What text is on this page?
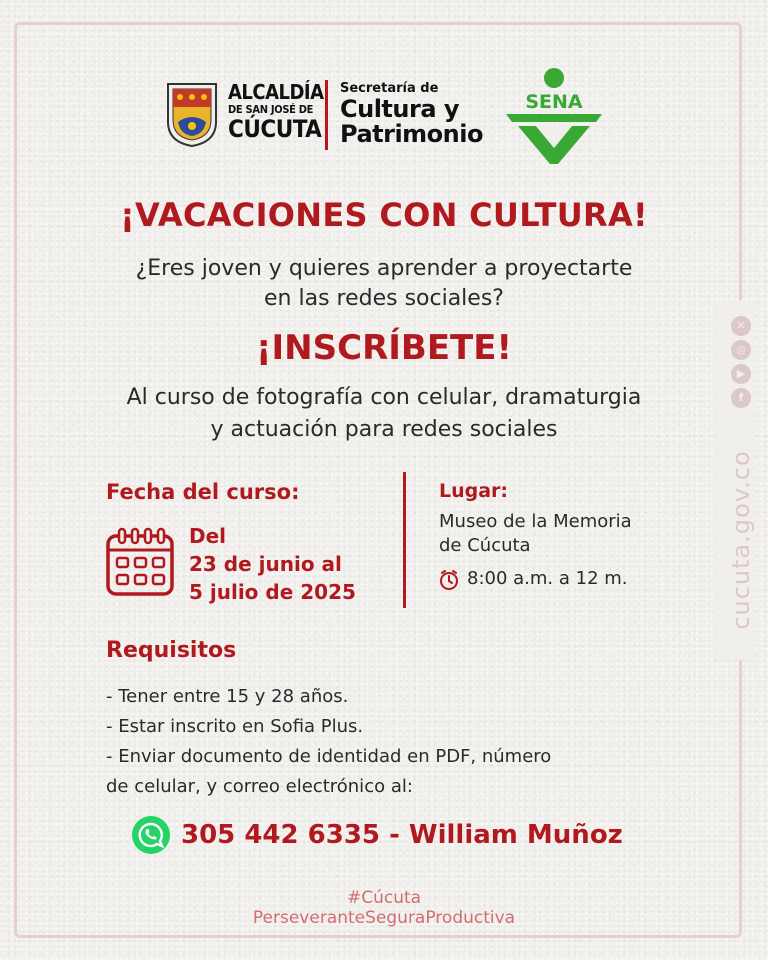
ALCALDÍA
DE SAN JOSÉ DE
CÚCUTA
Secretaría de
Cultura y
Patrimonio
SENA
¡VACACIONES CON CULTURA!
¿Eres joven y quieres aprender a proyectarte
en las redes sociales?
¡INSCRÍBETE!
Al curso de fotografía con celular, dramaturgia
y actuación para redes sociales
Fecha del curso:
Del
23 de junio al
5 julio de 2025
Lugar:
Museo de la Memoria
de Cúcuta
8:00 a.m. a 12 m.
Requisitos
- Tener entre 15 y 28 años.
- Estar inscrito en Sofia Plus.
- Enviar documento de identidad en PDF, número
de celular, y correo electrónico al:
305 442 6335 - William Muñoz
#Cúcuta
PerseveranteSeguraProductiva
✕
◎
▶
f
cucuta.gov.co
